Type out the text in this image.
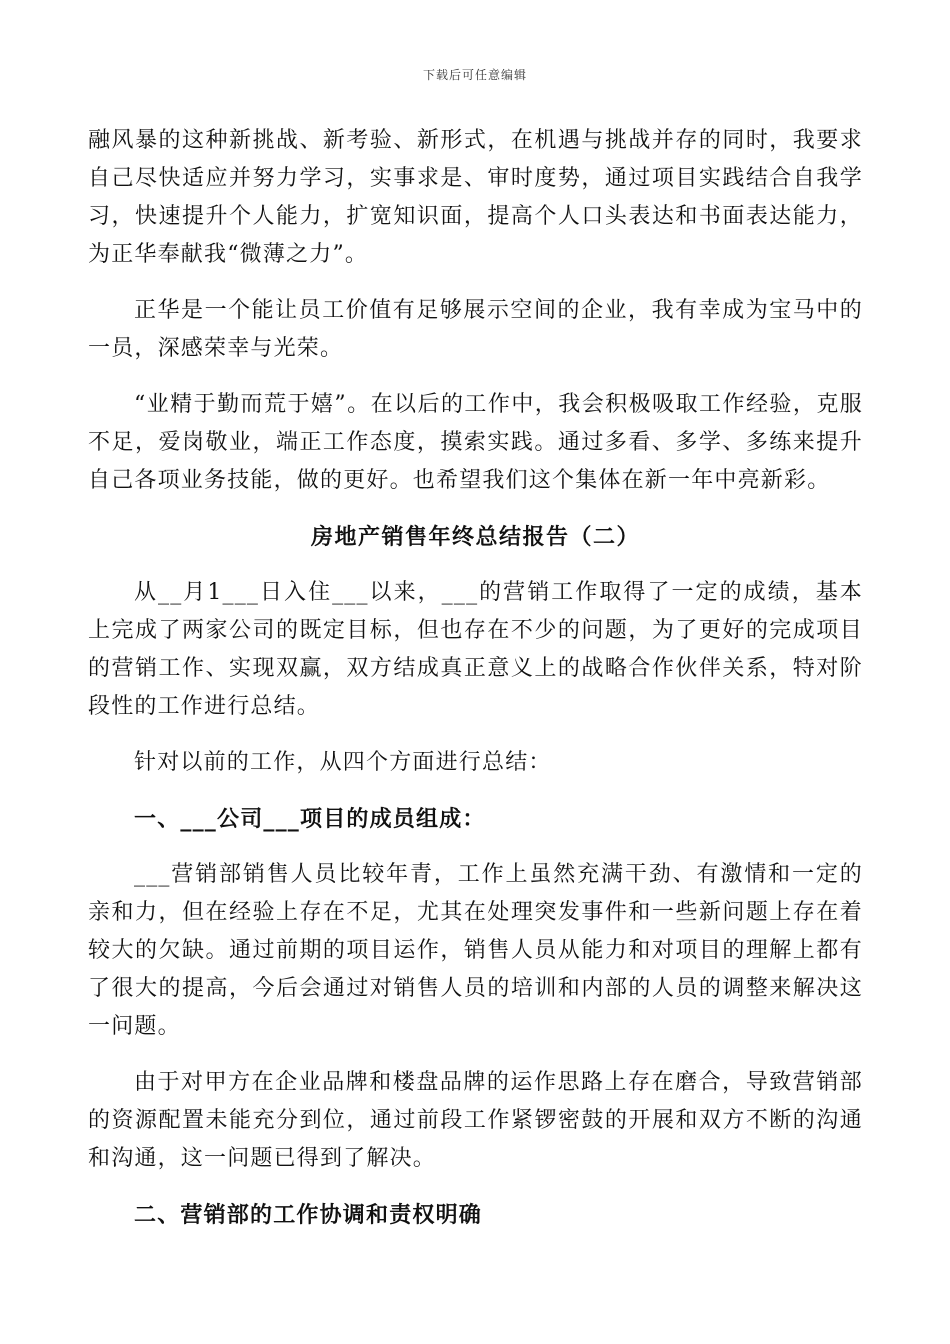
下载后可任意编辑

融风暴的这种新挑战、新考验、新形式，在机遇与挑战并存的同时，我要求自己尽快适应并努力学习，实事求是、审时度势，通过项目实践结合自我学习，快速提升个人能力，扩宽知识面，提高个人口头表达和书面表达能力，为正华奉献我“微薄之力”。

正华是一个能让员工价值有足够展示空间的企业，我有幸成为宝马中的一员，深感荣幸与光荣。

“业精于勤而荒于嬉”。在以后的工作中，我会积极吸取工作经验，克服不足，爱岗敬业，端正工作态度，摸索实践。通过多看、多学、多练来提升自己各项业务技能，做的更好。也希望我们这个集体在新一年中亮新彩。

房地产销售年终总结报告（二）

从__月1___日入住___以来，___的营销工作取得了一定的成绩，基本上完成了两家公司的既定目标，但也存在不少的问题，为了更好的完成项目的营销工作、实现双赢，双方结成真正意义上的战略合作伙伴关系，特对阶段性的工作进行总结。

针对以前的工作，从四个方面进行总结：

一、___公司___项目的成员组成：

___营销部销售人员比较年青，工作上虽然充满干劲、有激情和一定的亲和力，但在经验上存在不足，尤其在处理突发事件和一些新问题上存在着较大的欠缺。通过前期的项目运作，销售人员从能力和对项目的理解上都有了很大的提高，今后会通过对销售人员的培训和内部的人员的调整来解决这一问题。

由于对甲方在企业品牌和楼盘品牌的运作思路上存在磨合，导致营销部的资源配置未能充分到位，通过前段工作紧锣密鼓的开展和双方不断的沟通和沟通，这一问题已得到了解决。

二、营销部的工作协调和责权明确
